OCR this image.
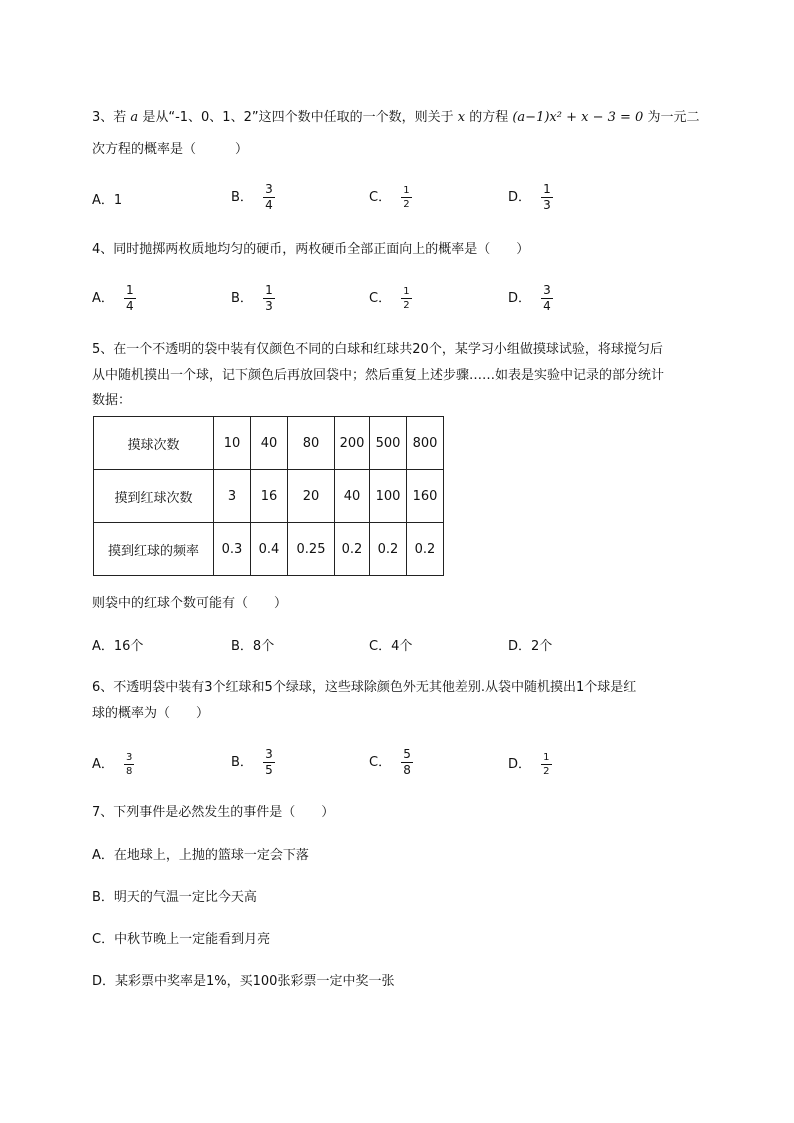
3、若 a 是从“-1、0、1、2”这四个数中任取的一个数，则关于 x 的方程 (a−1)x² + x − 3 = 0 为一元二
次方程的概率是（　　　）
A．1	B． $\frac{3}{4}$	C． $\frac{1}{2}$	D． $\frac{1}{3}$
4、同时抛掷两枚质地均匀的硬币，两枚硬币全部正面向上的概率是（　　）
A． $\frac{1}{4}$	B． $\frac{1}{3}$	C． $\frac{1}{2}$	D． $\frac{3}{4}$
5、在一个不透明的袋中装有仅颜色不同的白球和红球共20个，某学习小组做摸球试验，将球搅匀后
从中随机摸出一个球，记下颜色后再放回袋中；然后重复上述步骤……如表是实验中记录的部分统计
数据：
摸球次数	10	40	80	200	500	800
摸到红球次数	3	16	20	40	100	160
摸到红球的频率	0.3	0.4	0.25	0.2	0.2	0.2
则袋中的红球个数可能有（　　）
A．16个	B．8个	C．4个	D．2个
6、不透明袋中装有3个红球和5个绿球，这些球除颜色外无其他差别.从袋中随机摸出1个球是红
球的概率为（　　）
A． $\frac{3}{8}$	B． $\frac{3}{5}$	C． $\frac{5}{8}$	D． $\frac{1}{2}$
7、下列事件是必然发生的事件是（　　）
A．在地球上，上抛的篮球一定会下落
B．明天的气温一定比今天高
C．中秋节晚上一定能看到月亮
D．某彩票中奖率是1%，买100张彩票一定中奖一张
